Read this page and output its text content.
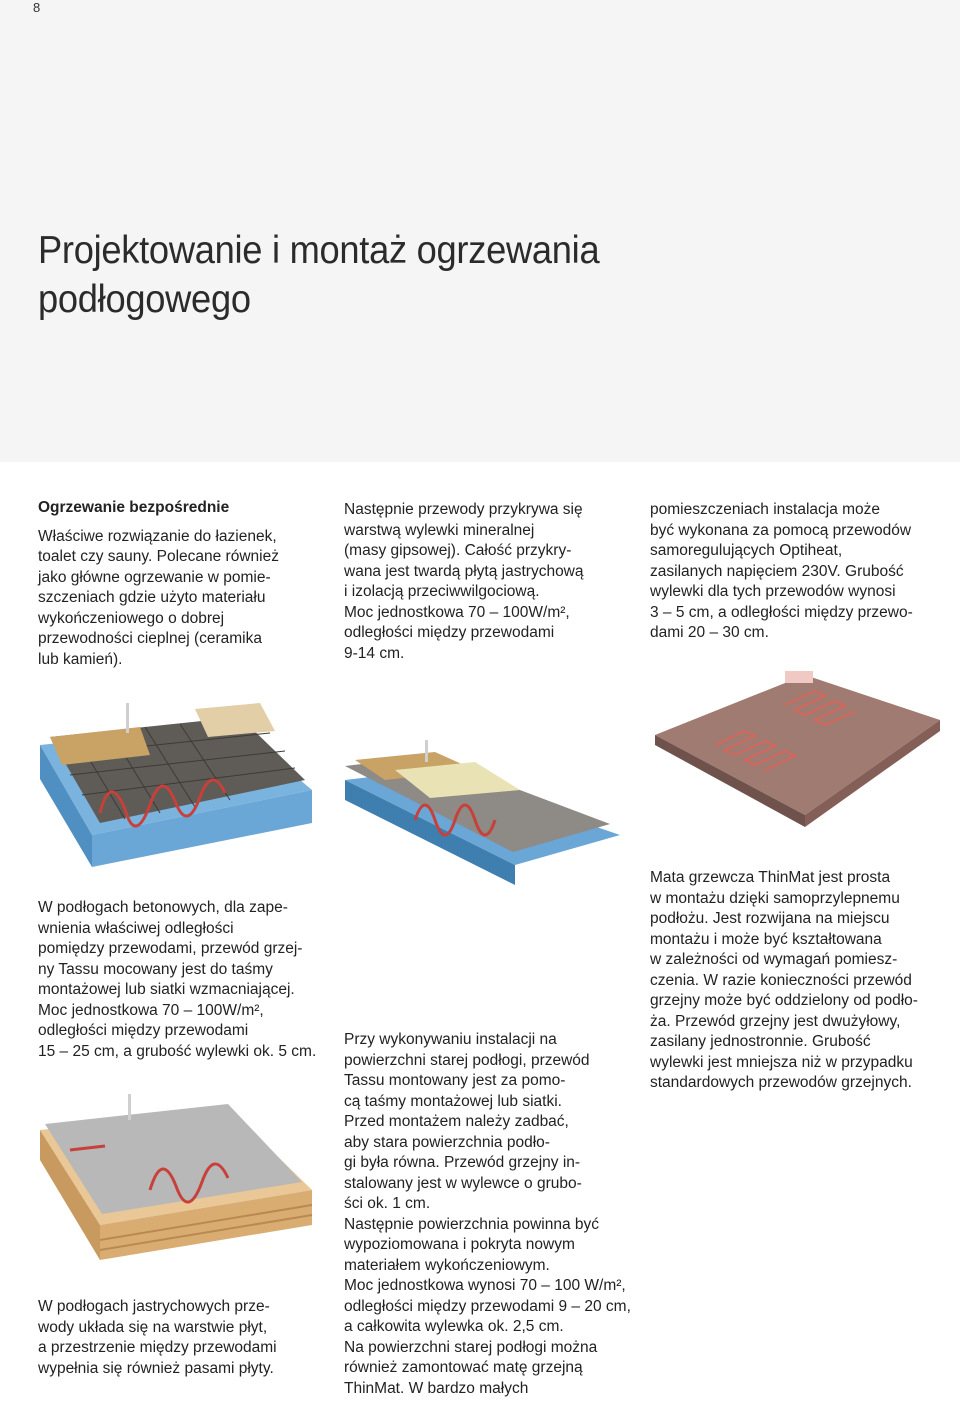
8
Projektowanie i montaż ogrzewania
podłogowego

Ogrzewanie bezpośrednie

Właściwe rozwiązanie do łazienek,
toalet czy sauny. Polecane również
jako główne ogrzewanie w pomie-
szczeniach gdzie użyto materiału
wykończeniowego o dobrej
przewodności cieplnej (ceramika
lub kamień).

Następnie przewody przykrywa się
warstwą wylewki mineralnej
(masy gipsowej). Całość przykry-
wana jest twardą płytą jastrychową
i izolacją przeciwwilgociową.
Moc jednostkowa 70 – 100W/m²,
odległości między przewodami
9-14 cm.

pomieszczeniach instalacja może
być wykonana za pomocą przewodów
samoregulujących Optiheat,
zasilanych napięciem 230V. Grubość
wylewki dla tych przewodów wynosi
3 – 5 cm, a odległości między przewo-
dami 20 – 30 cm.

W podłogach betonowych, dla zape-
wnienia właściwej odległości
pomiędzy przewodami, przewód grzej-
ny Tassu mocowany jest do taśmy
montażowej lub siatki wzmacniającej.
Moc jednostkowa 70 – 100W/m²,
odległości między przewodami
15 – 25 cm, a grubość wylewki ok. 5 cm.

Przy wykonywaniu instalacji na
powierzchni starej podłogi, przewód
Tassu montowany jest za pomo-
cą taśmy montażowej lub siatki.
Przed montażem należy zadbać,
aby stara powierzchnia podło-
gi była równa. Przewód grzejny in-
stalowany jest w wylewce o grubo-
ści ok. 1 cm.
Następnie powierzchnia powinna być
wypoziomowana i pokryta nowym
materiałem wykończeniowym.
Moc jednostkowa wynosi 70 – 100 W/m²,
odległości między przewodami 9 – 20 cm,
a całkowita wylewka ok. 2,5 cm.
Na powierzchni starej podłogi można
również zamontować matę grzejną
ThinMat. W bardzo małych

Mata grzewcza ThinMat jest prosta
w montażu dzięki samoprzylepnemu
podłożu. Jest rozwijana na miejscu
montażu i może być kształtowana
w zależności od wymagań pomiesz-
czenia. W razie konieczności przewód
grzejny może być oddzielony od podło-
ża. Przewód grzejny jest dwużyłowy,
zasilany jednostronnie. Grubość
wylewki jest mniejsza niż w przypadku
standardowych przewodów grzejnych.

W podłogach jastrychowych prze-
wody układa się na warstwie płyt,
a przestrzenie między przewodami
wypełnia się również pasami płyty.
